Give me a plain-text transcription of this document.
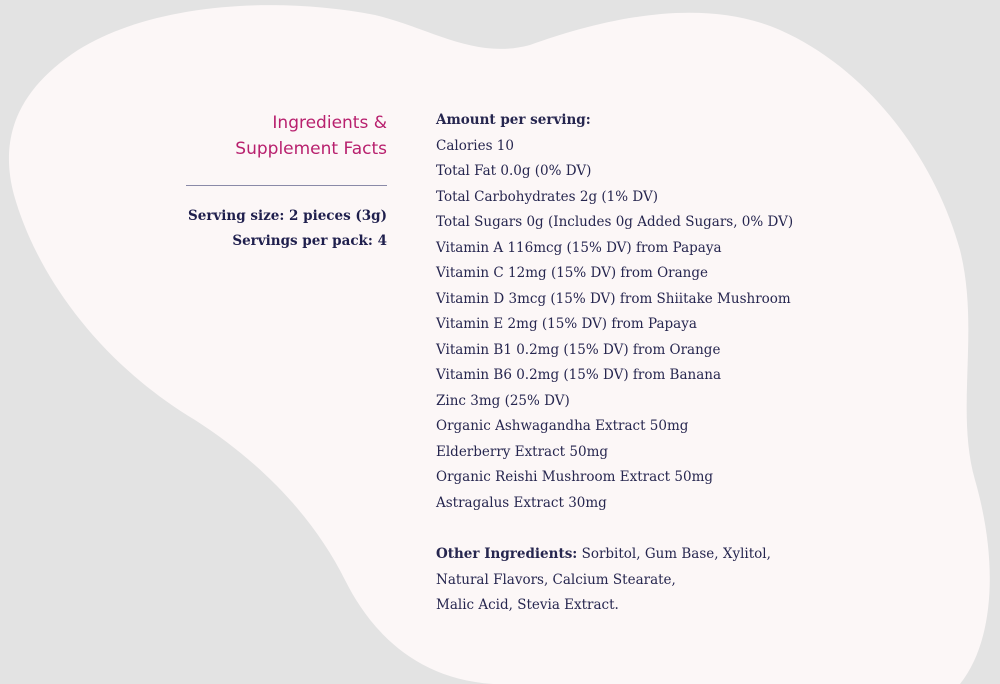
Ingredients &
Supplement Facts
Serving size: 2 pieces (3g)
Servings per pack: 4
Amount per serving:
Calories 10
Total Fat 0.0g (0% DV)
Total Carbohydrates 2g (1% DV)
Total Sugars 0g (Includes 0g Added Sugars, 0% DV)
Vitamin A 116mcg (15% DV) from Papaya
Vitamin C 12mg (15% DV) from Orange
Vitamin D 3mcg (15% DV) from Shiitake Mushroom
Vitamin E 2mg (15% DV) from Papaya
Vitamin B1 0.2mg (15% DV) from Orange
Vitamin B6 0.2mg (15% DV) from Banana
Zinc 3mg (25% DV)
Organic Ashwagandha Extract 50mg
Elderberry Extract 50mg
Organic Reishi Mushroom Extract 50mg
Astragalus Extract 30mg
Other Ingredients: Sorbitol, Gum Base, Xylitol,
Natural Flavors, Calcium Stearate,
Malic Acid, Stevia Extract.
